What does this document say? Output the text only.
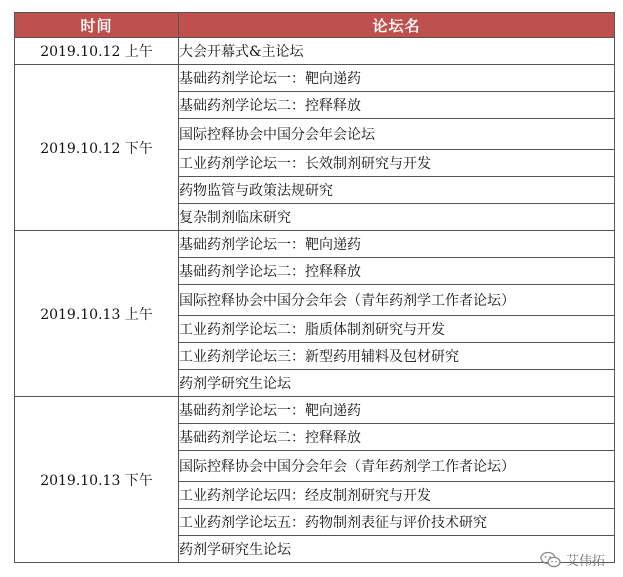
时间	论坛名
2019.10.12 上午	大会开幕式&主论坛
2019.10.12 下午	基础药剂学论坛一：靶向递药
	基础药剂学论坛二：控释释放
	国际控释协会中国分会年会论坛
	工业药剂学论坛一：长效制剂研究与开发
	药物监管与政策法规研究
	复杂制剂临床研究
2019.10.13 上午	基础药剂学论坛一：靶向递药
	基础药剂学论坛二：控释释放
	国际控释协会中国分会年会（青年药剂学工作者论坛）
	工业药剂学论坛二：脂质体制剂研究与开发
	工业药剂学论坛三：新型药用辅料及包材研究
	药剂学研究生论坛
2019.10.13 下午	基础药剂学论坛一：靶向递药
	基础药剂学论坛二：控释释放
	国际控释协会中国分会年会（青年药剂学工作者论坛）
	工业药剂学论坛四：经皮制剂研究与开发
	工业药剂学论坛五：药物制剂表征与评价技术研究
	药剂学研究生论坛
艾伟拓
